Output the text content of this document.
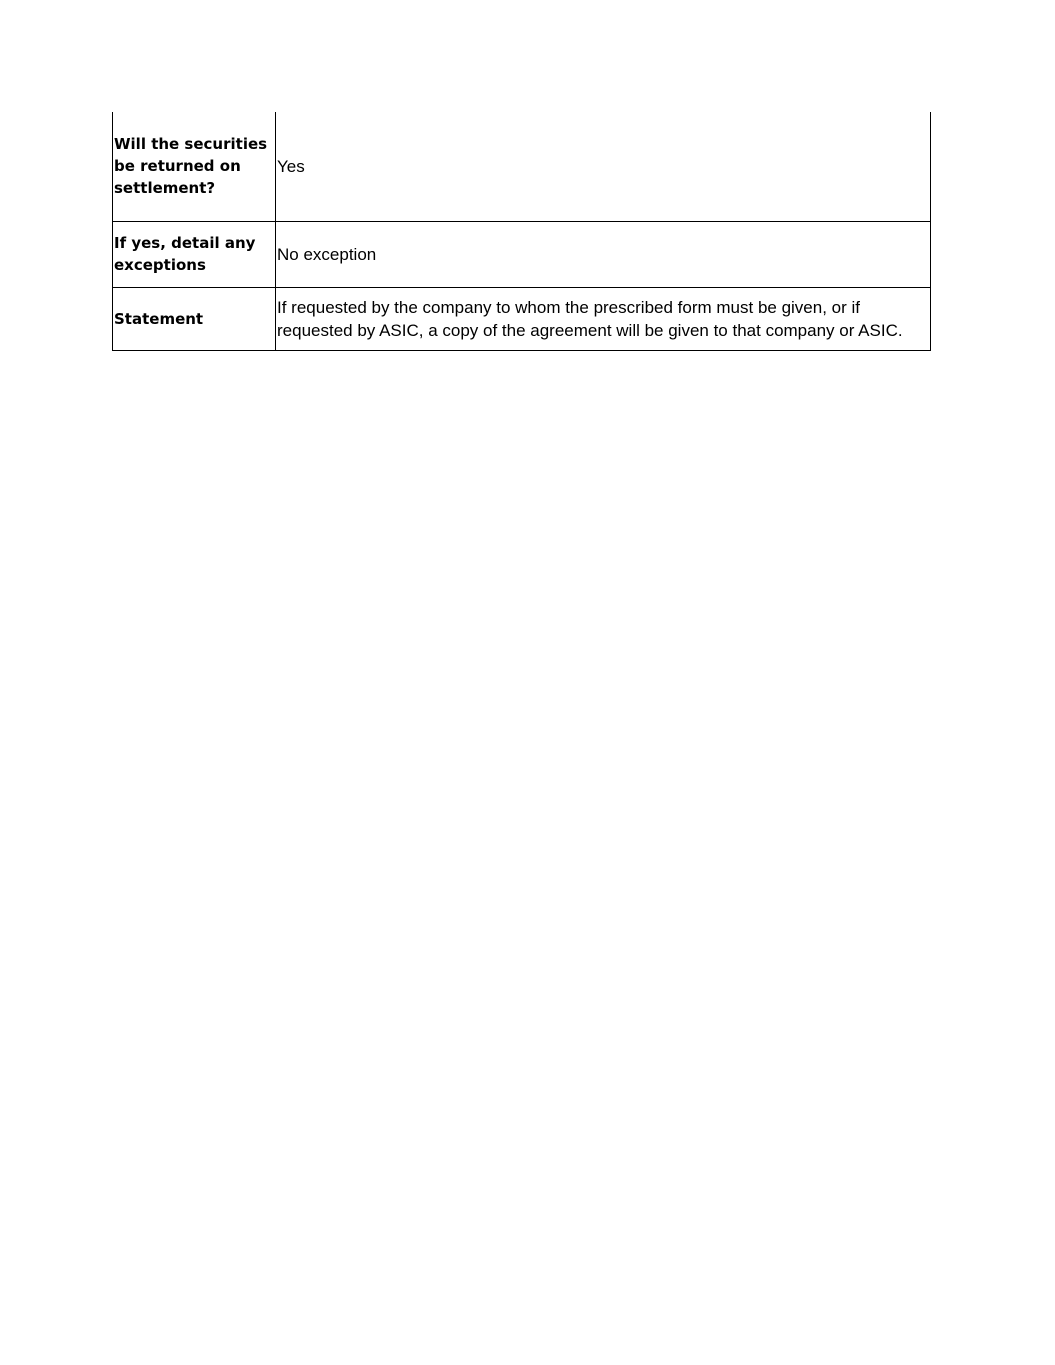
Will the securities be returned on settlement?	Yes
If yes, detail any exceptions	No exception
Statement	If requested by the company to whom the prescribed form must be given, or if requested by ASIC, a copy of the agreement will be given to that company or ASIC.
